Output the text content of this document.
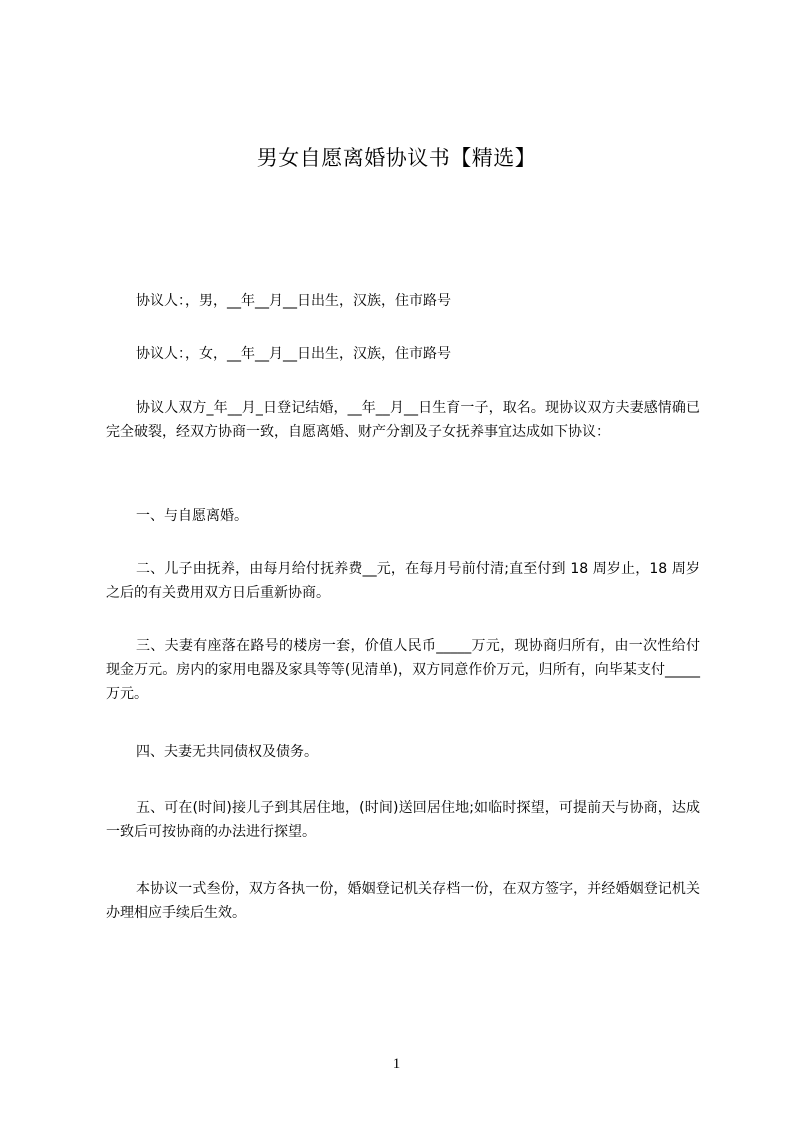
男女自愿离婚协议书【精选】
协议人：，男，__年__月__日出生，汉族，住市路号
协议人：，女，__年__月__日出生，汉族，住市路号
协议人双方_年__月_日登记结婚，__年__月__日生育一子，取名。现协议双方夫妻感情确已完全破裂，经双方协商一致，自愿离婚、财产分割及子女抚养事宜达成如下协议：
一、与自愿离婚。
二、儿子由抚养，由每月给付抚养费__元，在每月号前付清;直至付到 18 周岁止，18 周岁之后的有关费用双方日后重新协商。
三、夫妻有座落在路号的楼房一套，价值人民币_____万元，现协商归所有，由一次性给付现金万元。房内的家用电器及家具等等(见清单)，双方同意作价万元，归所有，向毕某支付_____万元。
四、夫妻无共同债权及债务。
五、可在(时间)接儿子到其居住地，(时间)送回居住地;如临时探望，可提前天与协商，达成一致后可按协商的办法进行探望。
本协议一式叁份，双方各执一份，婚姻登记机关存档一份，在双方签字，并经婚姻登记机关办理相应手续后生效。
1
